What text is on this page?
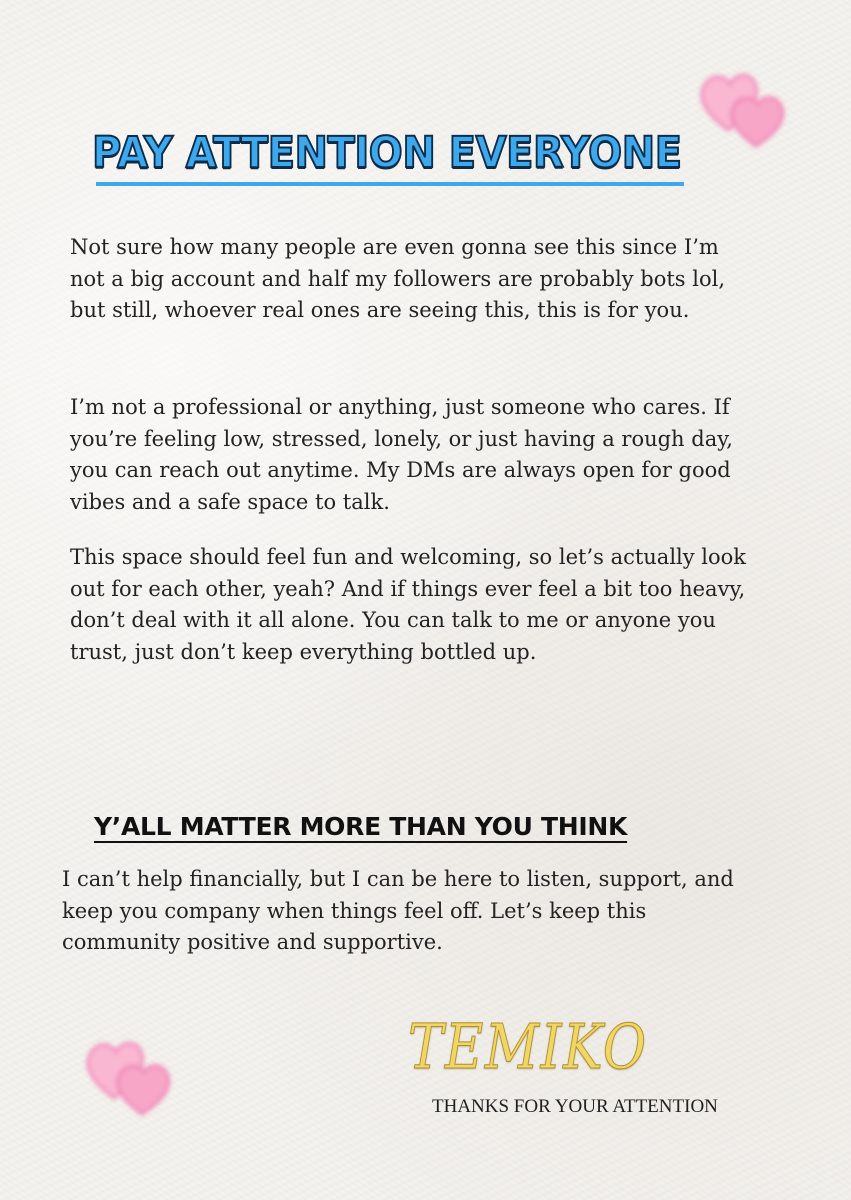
PAY ATTENTION EVERYONE

Not sure how many people are even gonna see this since I’m not a big account and half my followers are probably bots lol, but still, whoever real ones are seeing this, this is for you.

I’m not a professional or anything, just someone who cares. If you’re feeling low, stressed, lonely, or just having a rough day, you can reach out anytime. My DMs are always open for good vibes and a safe space to talk.

This space should feel fun and welcoming, so let’s actually look out for each other, yeah? And if things ever feel a bit too heavy, don’t deal with it all alone. You can talk to me or anyone you trust, just don’t keep everything bottled up.

Y’ALL MATTER MORE THAN YOU THINK

I can’t help financially, but I can be here to listen, support, and keep you company when things feel off. Let’s keep this community positive and supportive.

TEMIKO
THANKS FOR YOUR ATTENTION
